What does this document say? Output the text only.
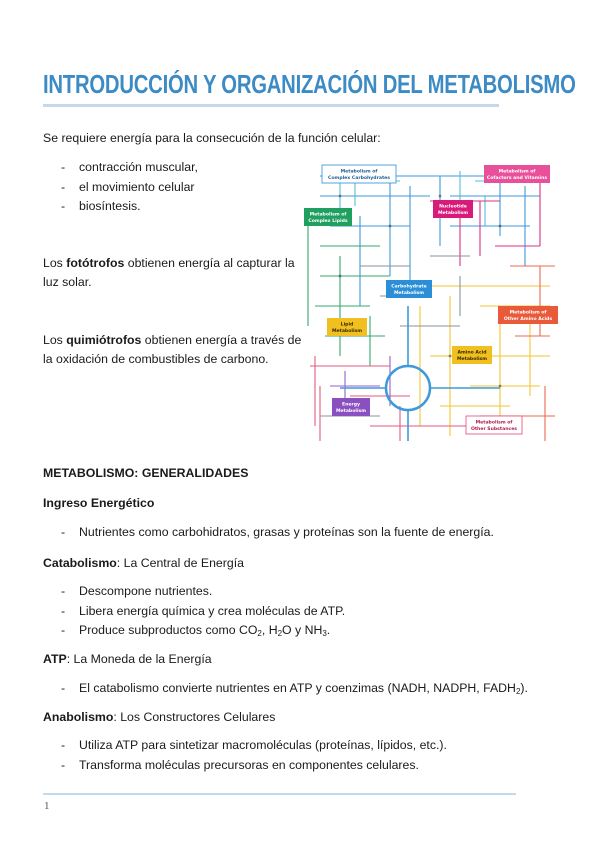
INTRODUCCIÓN Y ORGANIZACIÓN DEL METABOLISMO

Se requiere energía para la consecución de la función celular:

- contracción muscular,
- el movimiento celular
- biosíntesis.

Los fotótrofos obtienen energía al capturar la luz solar.

Los quimiótrofos obtienen energía a través de la oxidación de combustibles de carbono.

Metabolism of
Complex Carbohydrates
Metabolism of
Cofactors and Vitamins
Metabolism of
Complex Lipids
Nucleotide
Metabolism
Carbohydrate
Metabolism
Metabolism of
Other Amino Acids
Lipid
Metabolism
Amino Acid
Metabolism
Energy
Metabolism
Metabolism of
Other Substances
METABOLISMO: GENERALIDADES
Ingreso Energético
- Nutrientes como carbohidratos, grasas y proteínas son la fuente de energía.

Catabolismo: La Central de Energía

- Descompone nutrientes.
- Libera energía química y crea moléculas de ATP.
- Produce subproductos como $CO_2$, $H_2O$ y $NH_3$.

ATP: La Moneda de la Energía

- El catabolismo convierte nutrientes en ATP y coenzimas (NADH, NADPH, $FADH_2$).

Anabolismo: Los Constructores Celulares

- Utiliza ATP para sintetizar macromoléculas (proteínas, lípidos, etc.).
- Transforma moléculas precursoras en componentes celulares.
1
